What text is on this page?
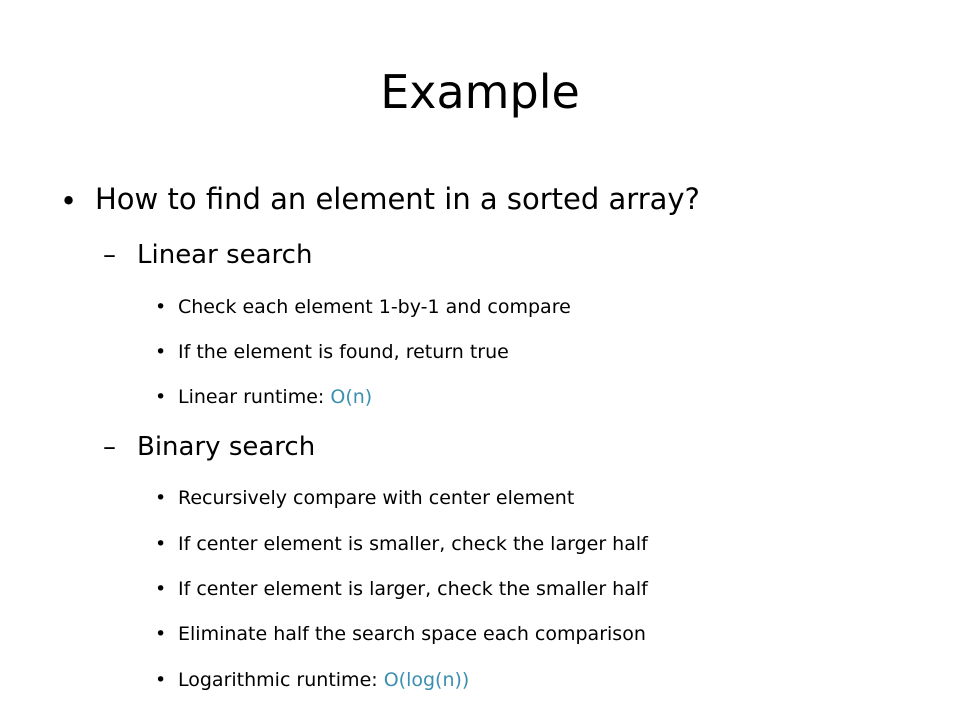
Example
• How to find an element in a sorted array?
– Linear search
• Check each element 1-by-1 and compare
• If the element is found, return true
• Linear runtime: O(n)
– Binary search
• Recursively compare with center element
• If center element is smaller, check the larger half
• If center element is larger, check the smaller half
• Eliminate half the search space each comparison
• Logarithmic runtime: O(log(n))
